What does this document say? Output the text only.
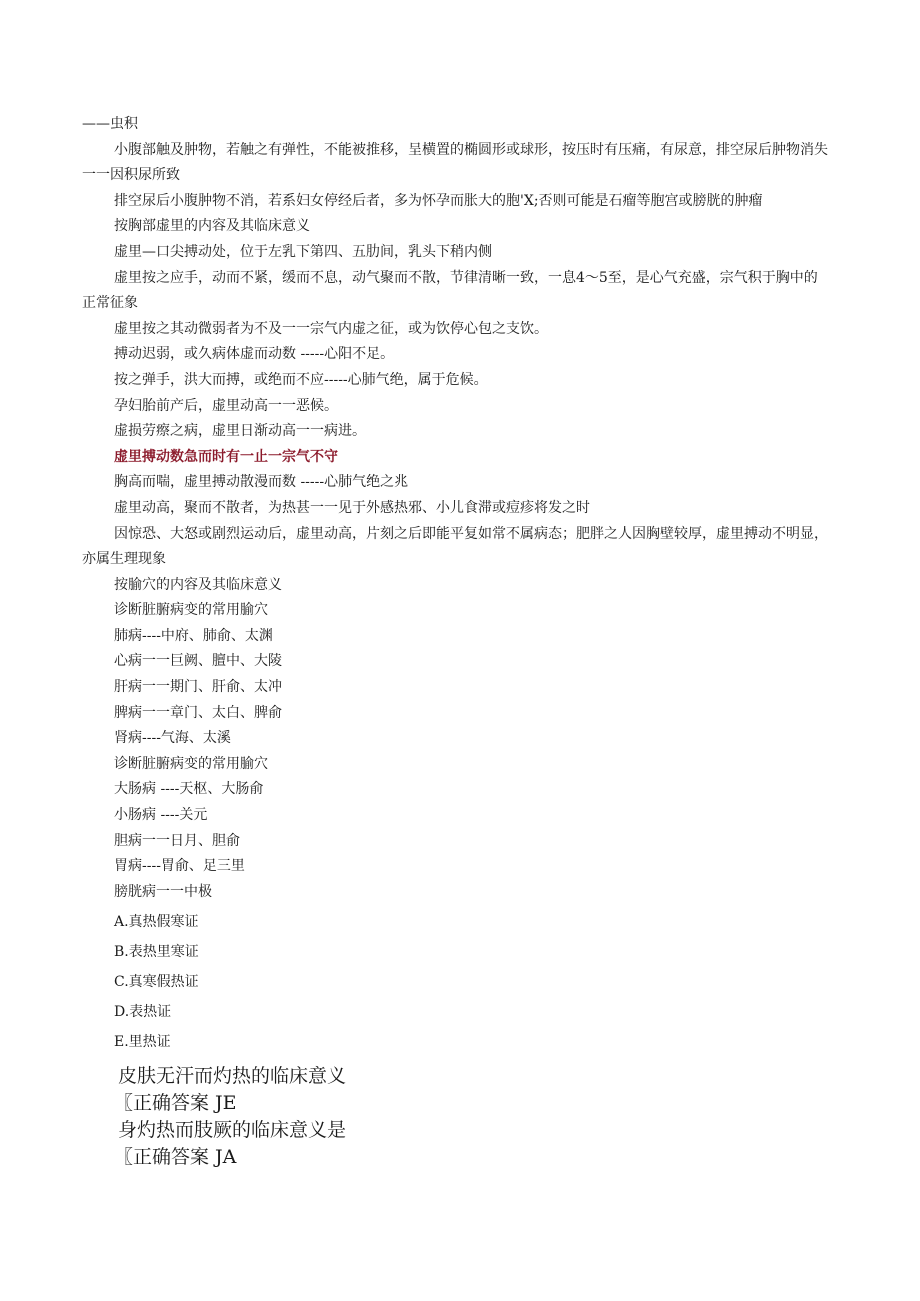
——虫积

小腹部触及肿物，若触之有弹性，不能被推移，呈横置的椭圆形或球形，按压时有压痛，有尿意，排空尿后肿物消失一一因积尿所致

排空尿后小腹肿物不消，若系妇女停经后者，多为怀孕而胀大的胞'X;否则可能是石瘤等胞宫或膀胱的肿瘤

按胸部虚里的内容及其临床意义

虚里—口尖搏动处，位于左乳下第四、五肋间，乳头下稍内侧

虚里按之应手，动而不紧，缓而不息，动气聚而不散，节律清晰一致，一息4～5至，是心气充盛，宗气积于胸中的正常征象

虚里按之其动微弱者为不及一一宗气内虚之征，或为饮停心包之支饮。

搏动迟弱，或久病体虚而动数 -----心阳不足。

按之弹手，洪大而搏，或绝而不应-----心肺气绝，属于危候。

孕妇胎前产后，虚里动高一一恶候。

虚损劳瘵之病，虚里日渐动高一一病进。

虚里搏动数急而时有一止一宗气不守

胸高而喘，虚里搏动散漫而数 -----心肺气绝之兆

虚里动高，聚而不散者，为热甚一一见于外感热邪、小儿食滞或痘疹将发之时

因惊恐、大怒或剧烈运动后，虚里动高，片刻之后即能平复如常不属病态；肥胖之人因胸壁较厚，虚里搏动不明显，亦属生理现象

按腧穴的内容及其临床意义

诊断脏腑病变的常用腧穴

肺病----中府、肺俞、太渊

心病一一巨阙、膻中、大陵

肝病一一期门、肝俞、太冲

脾病一一章门、太白、脾俞

肾病----气海、太溪

诊断脏腑病变的常用腧穴

大肠病 ----天枢、大肠俞

小肠病 ----关元

胆病一一日月、胆俞

胃病----胃俞、足三里

膀胱病一一中极

A.真热假寒证

B.表热里寒证

C.真寒假热证

D.表热证

E.里热证

皮肤无汗而灼热的临床意义

〖正确答案 JE

身灼热而肢厥的临床意义是

〖正确答案 JA
